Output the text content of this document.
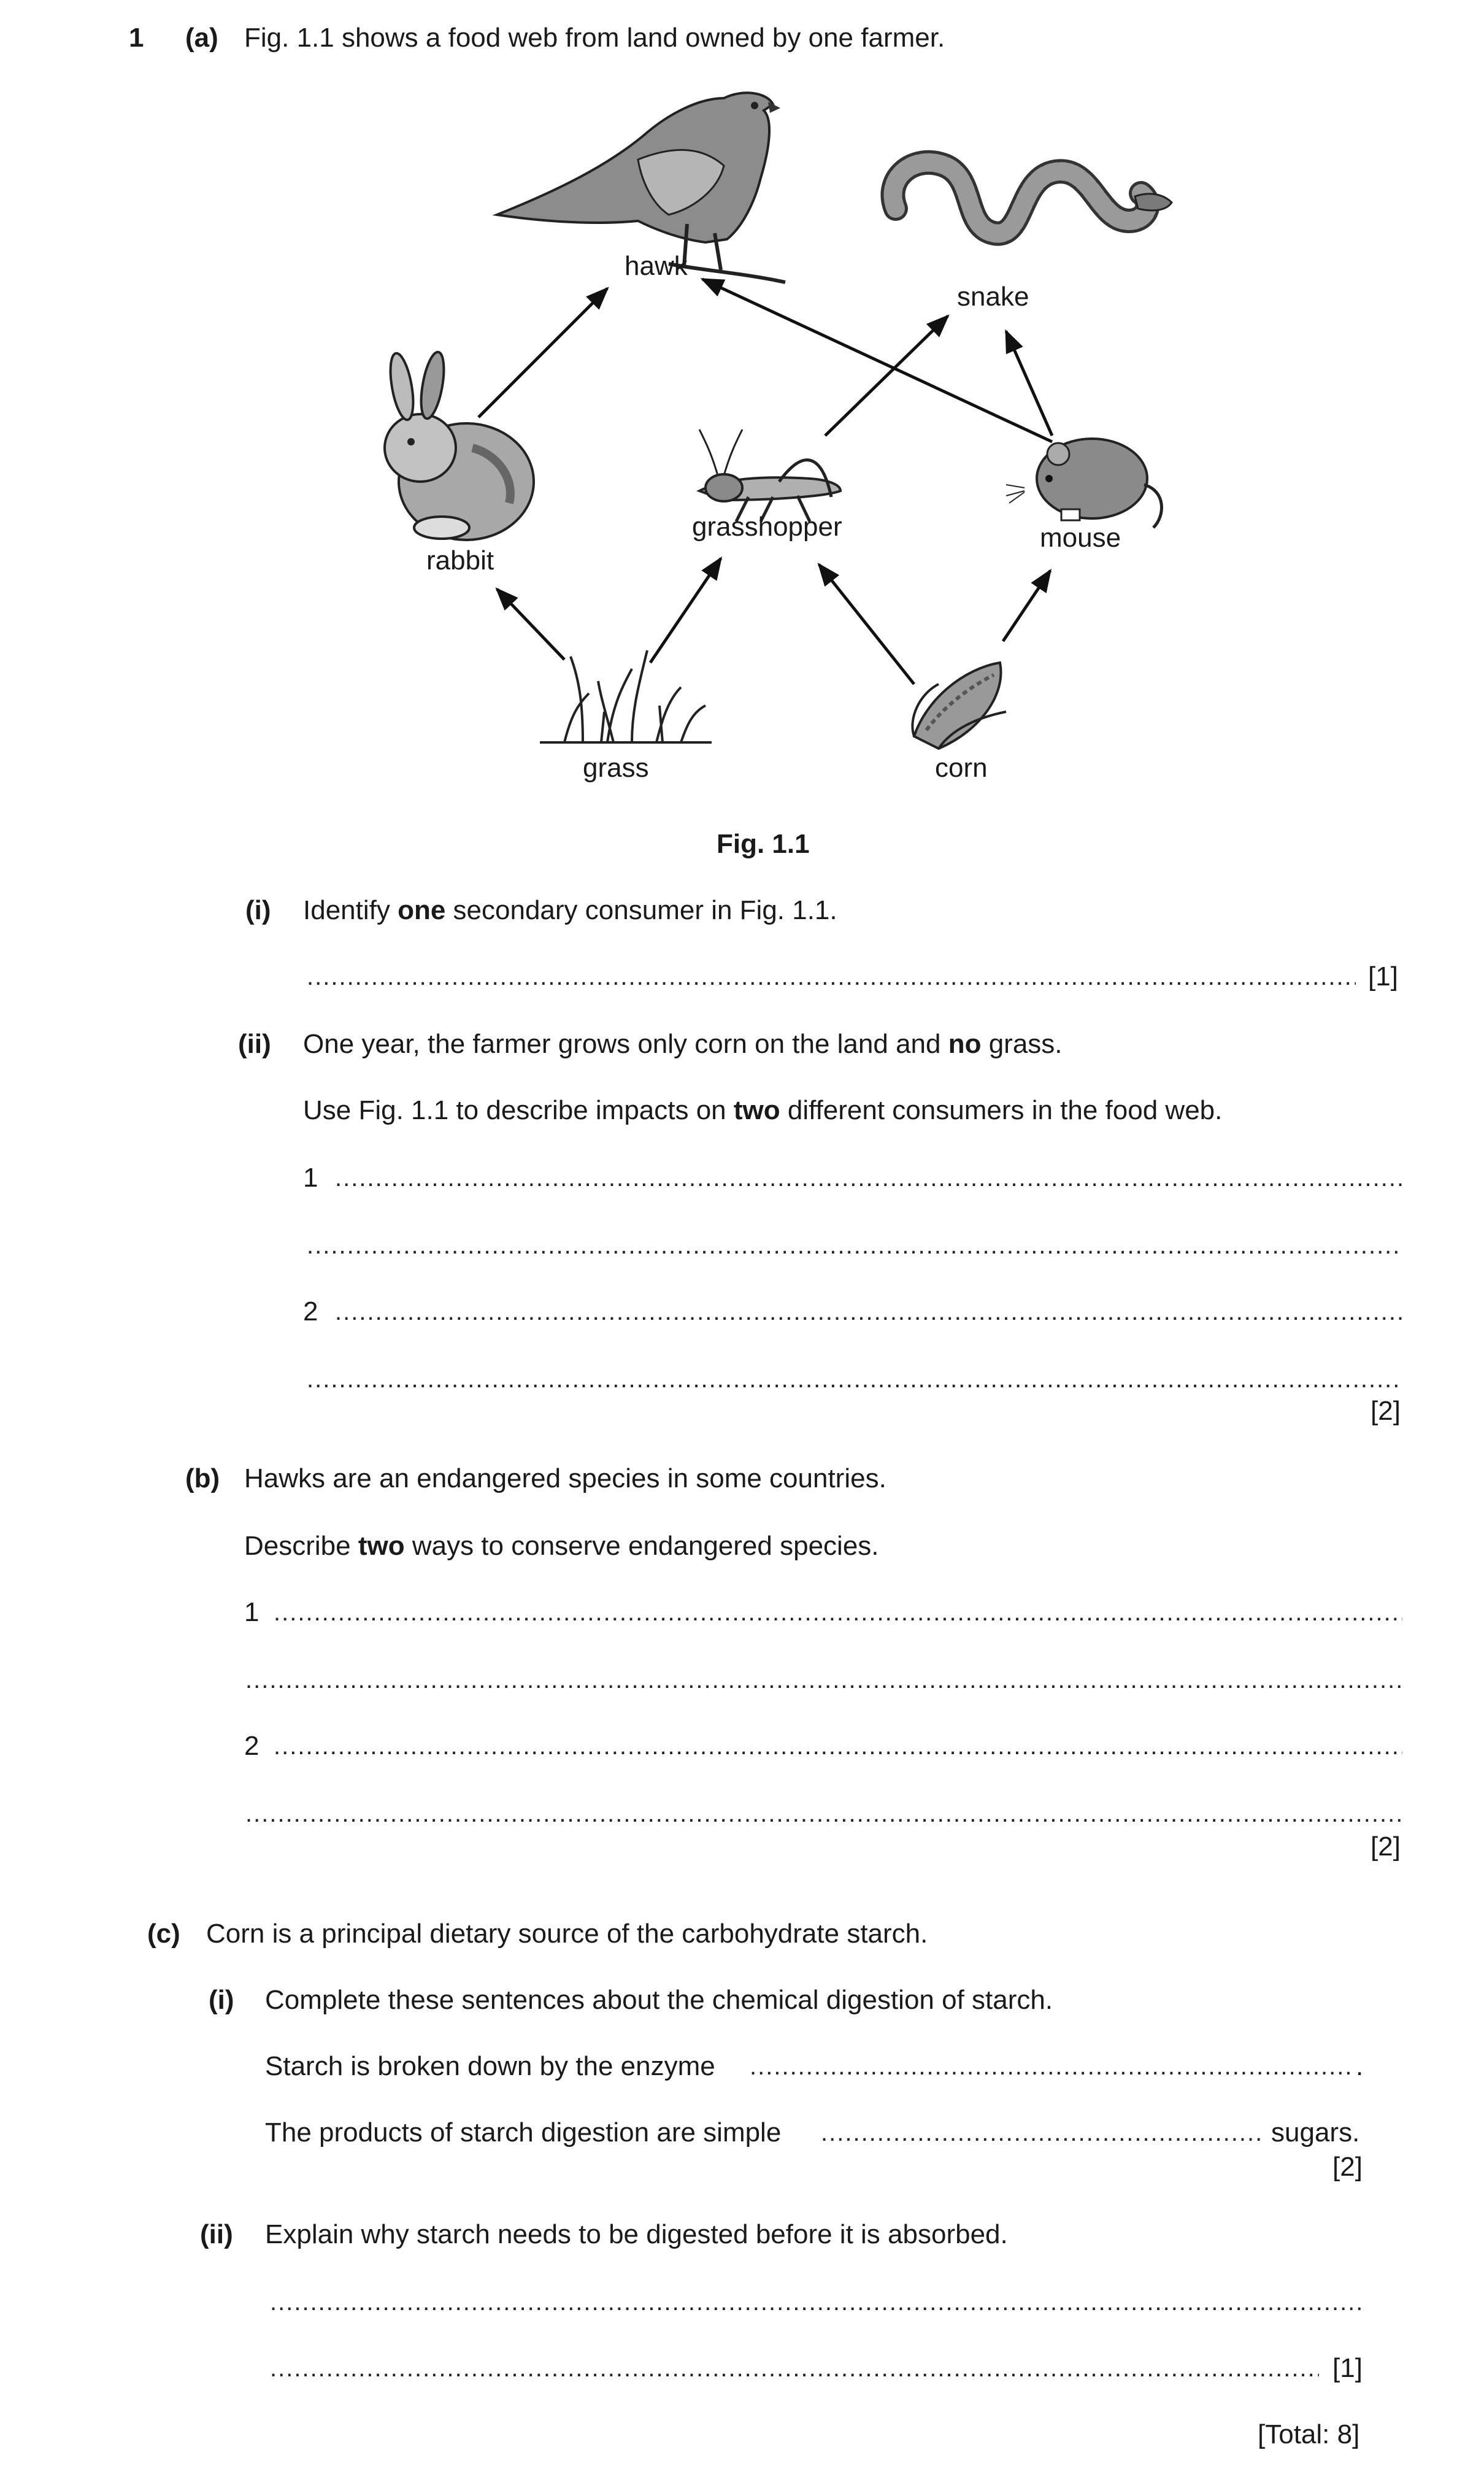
1 (a) Fig. 1.1 shows a food web from land owned by one farmer.
hawk
snake
rabbit
grasshopper	mouse
grass	corn
Fig. 1.1
(i) Identify one secondary consumer in Fig. 1.1.
.....
[1]
(ii) One year, the farmer grows only corn on the land and no grass.
Use Fig. 1.1 to describe impacts on two different consumers in the food web.
1
.....
.....
2
.....
.....
[2]
(b) Hawks are an endangered species in some countries.
Describe two ways to conserve endangered species.
1
.....
.....
2
.....
.....
[2]
(c) Corn is a principal dietary source of the carbohydrate starch.
(i) Complete these sentences about the chemical digestion of starch.
Starch is broken down by the enzyme .....	.
The products of starch digestion are simple .....	sugars.
[2]
(ii) Explain why starch needs to be digested before it is absorbed.
.....
.....
[1]
[Total: 8]
